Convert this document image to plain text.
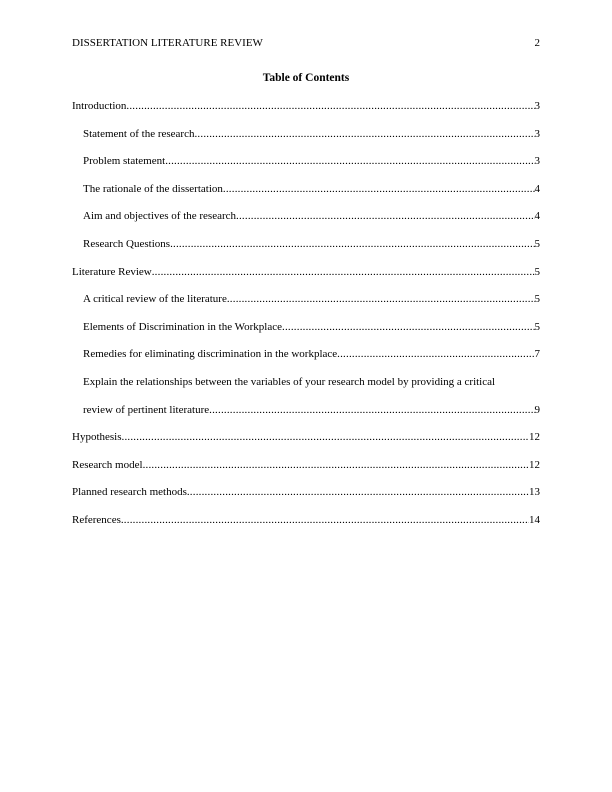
DISSERTATION LITERATURE REVIEW	2
Table of Contents
Introduction .....	3
Statement of the research .....	3
Problem statement .....	3
The rationale of the dissertation .....	4
Aim and objectives of the research .....	4
Research Questions .....	5
Literature Review .....	5
A critical review of the literature .....	5
Elements of Discrimination in the Workplace .....	5
Remedies for eliminating discrimination in the workplace .....	7
Explain the relationships between the variables of your research model by providing a critical
review of pertinent literature .....	9
Hypothesis .....	12
Research model .....	12
Planned research methods .....	13
References .....	14
